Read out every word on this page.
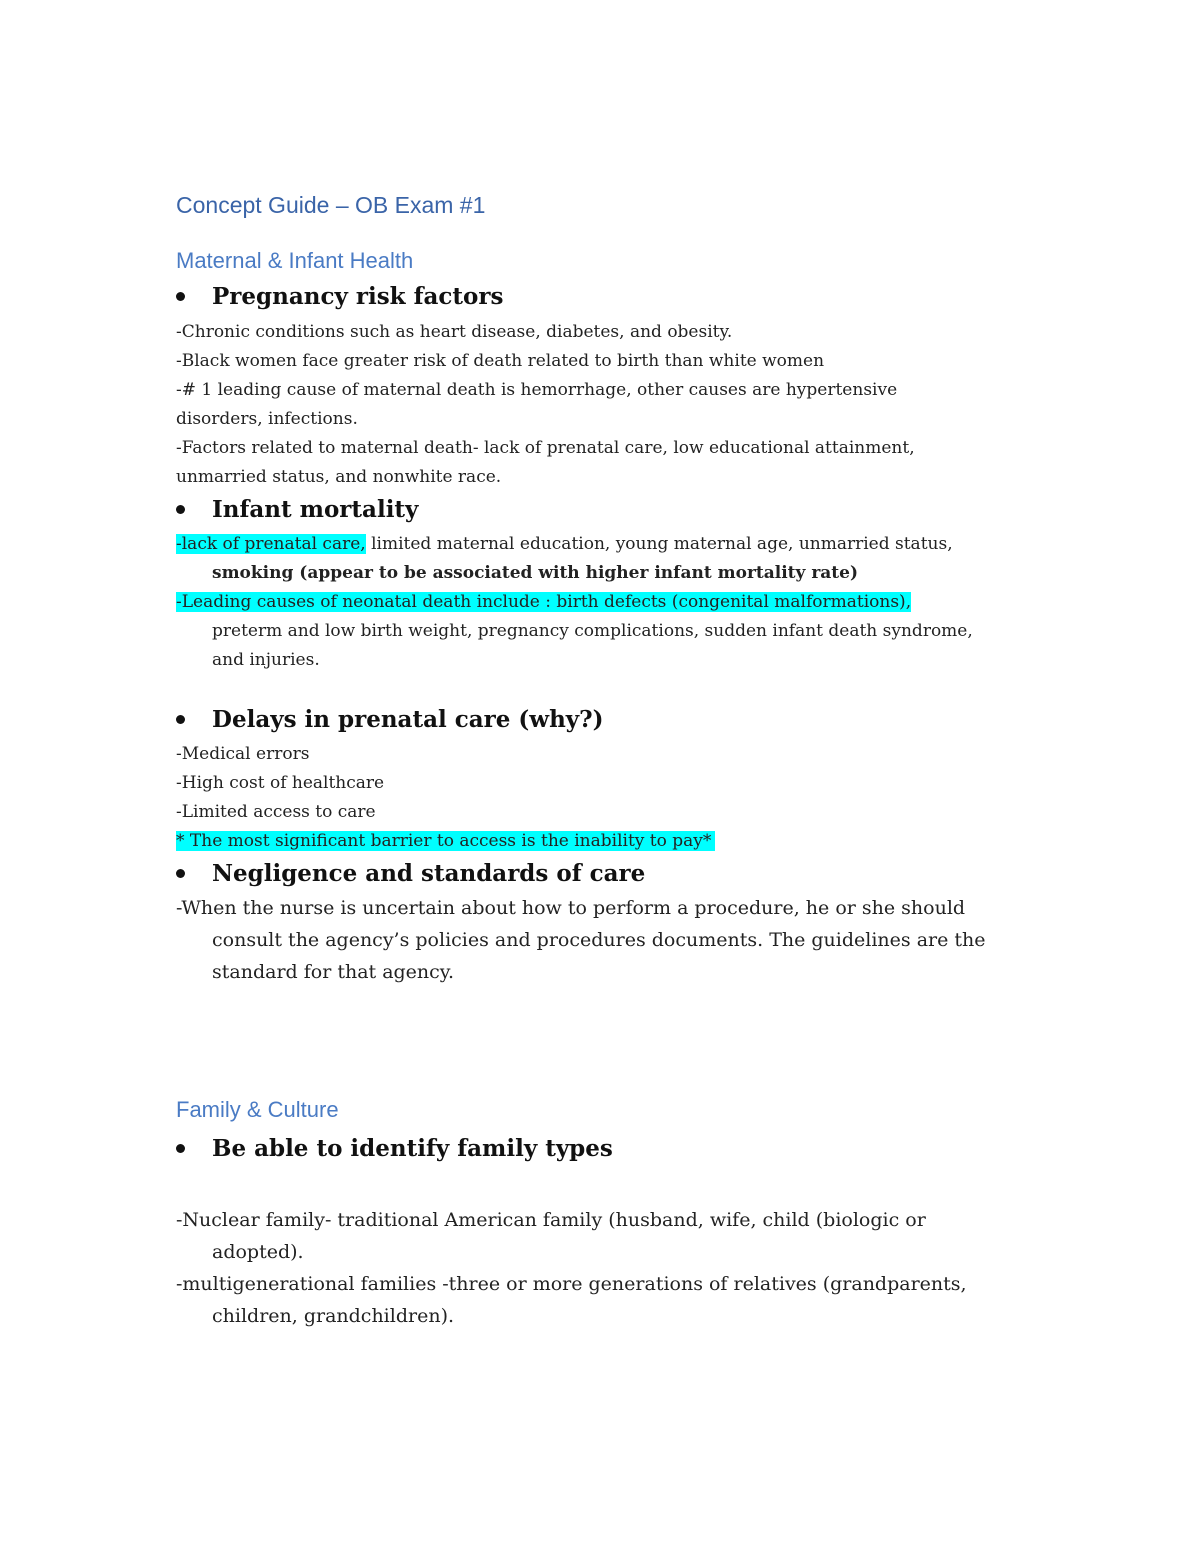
Concept Guide – OB Exam #1
Maternal & Infant Health
Pregnancy risk factors
-Chronic conditions such as heart disease, diabetes, and obesity.
-Black women face greater risk of death related to birth than white women
-# 1 leading cause of maternal death is hemorrhage, other causes are hypertensive
disorders, infections.
-Factors related to maternal death- lack of prenatal care, low educational attainment,
unmarried status, and nonwhite race.
Infant mortality
-lack of prenatal care, limited maternal education, young maternal age, unmarried status,
smoking (appear to be associated with higher infant mortality rate)
-Leading causes of neonatal death include : birth defects (congenital malformations),
preterm and low birth weight, pregnancy complications, sudden infant death syndrome,
and injuries.
Delays in prenatal care (why?)
-Medical errors
-High cost of healthcare
-Limited access to care
* The most significant barrier to access is the inability to pay*
Negligence and standards of care
-When the nurse is uncertain about how to perform a procedure, he or she should
consult the agency’s policies and procedures documents. The guidelines are the
standard for that agency.
Family & Culture
Be able to identify family types
-Nuclear family- traditional American family (husband, wife, child (biologic or
adopted).
-multigenerational families -three or more generations of relatives (grandparents,
children, grandchildren).
